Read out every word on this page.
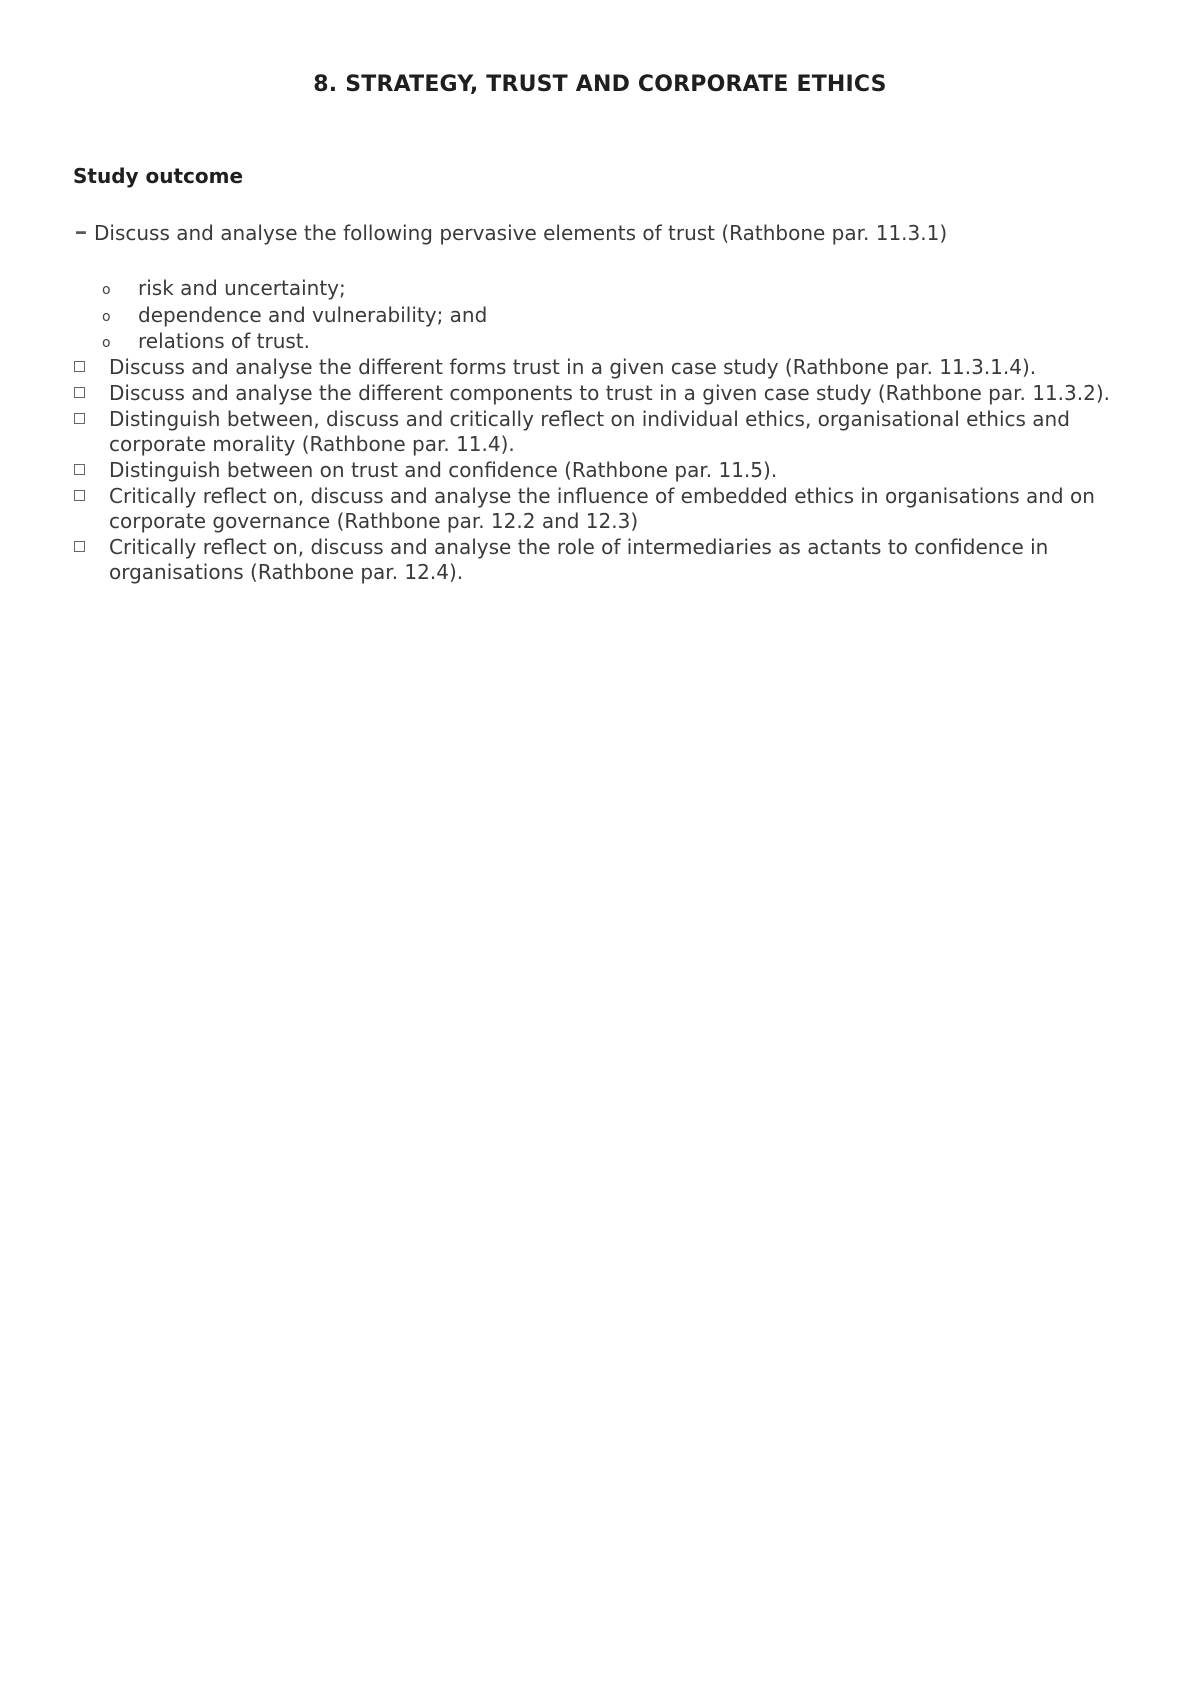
8. STRATEGY, TRUST AND CORPORATE ETHICS
Study outcome
━ Discuss and analyse the following pervasive elements of trust (Rathbone par. 11.3.1)
o risk and uncertainty;
o dependence and vulnerability; and
o relations of trust.
Discuss and analyse the different forms trust in a given case study (Rathbone par. 11.3.1.4).
Discuss and analyse the different components to trust in a given case study (Rathbone par. 11.3.2).
Distinguish between, discuss and critically reflect on individual ethics, organisational ethics and corporate morality (Rathbone par. 11.4).
Distinguish between on trust and confidence (Rathbone par. 11.5).
Critically reflect on, discuss and analyse the influence of embedded ethics in organisations and on corporate governance (Rathbone par. 12.2 and 12.3)
Critically reflect on, discuss and analyse the role of intermediaries as actants to confidence in organisations (Rathbone par. 12.4).
